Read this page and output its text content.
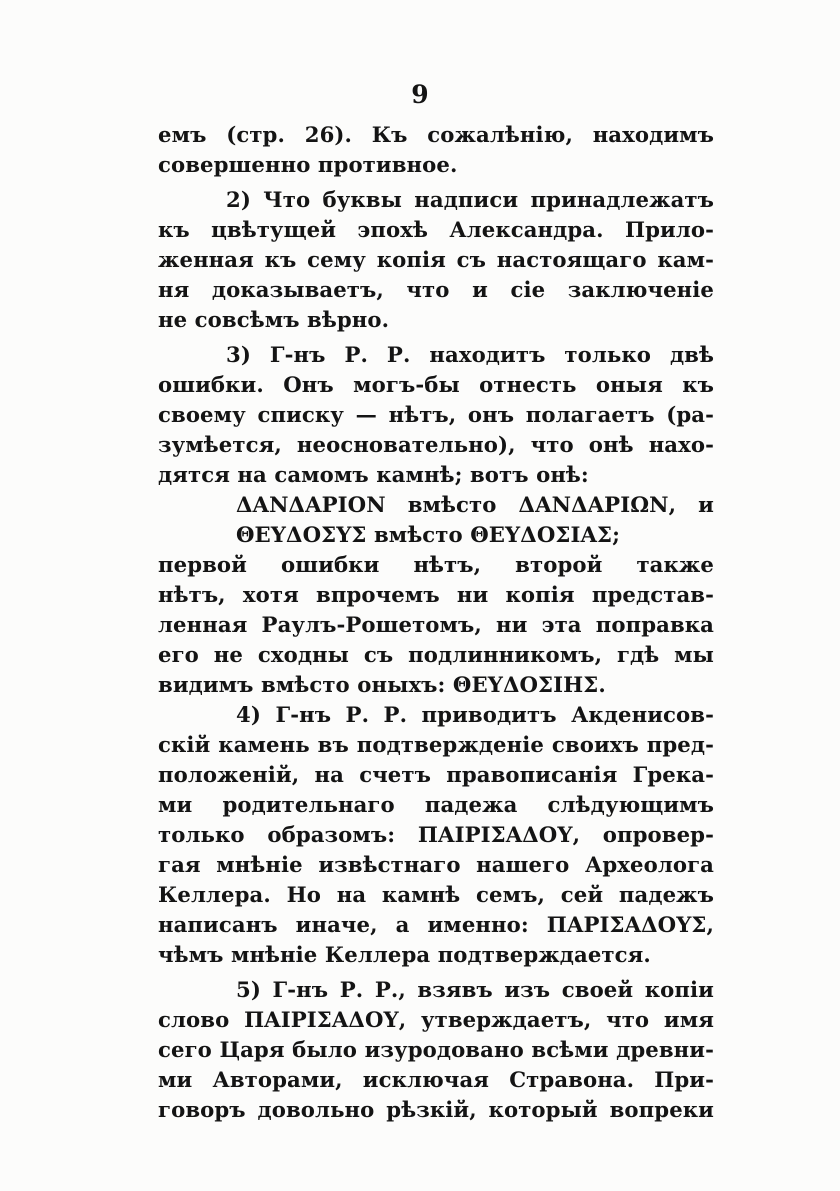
9
емъ (стр. 26). Къ сожалѣнію, находимъ
совершенно противное.
2) Что буквы надписи принадлежатъ
къ цвѣтущей эпохѣ Александра. Прило-
женная къ сему копія съ настоящаго кам-
ня доказываетъ, что и сіе заключеніе
не совсѣмъ вѣрно.
3) Г-нъ Р. Р. находитъ только двѣ
ошибки. Онъ могъ-бы отнесть оныя къ
своему списку — нѣтъ, онъ полагаетъ (ра-
зумѣется, неосновательно), что онѣ нахо-
дятся на самомъ камнѣ; вотъ онѣ:
ΔΑΝΔΑΡΙΟΝ вмѣсто ΔΑΝΔΑΡΙΩΝ, и
ΘΕΥΔΟΣΥΣ вмѣсто ΘΕΥΔΟΣΙΑΣ;
первой ошибки нѣтъ, второй также
нѣтъ, хотя впрочемъ ни копія представ-
ленная Раулъ-Рошетомъ, ни эта поправка
его не сходны съ подлинникомъ, гдѣ мы
видимъ вмѣсто оныхъ: ΘΕΥΔΟΣΙΗΣ.
4) Г-нъ Р. Р. приводитъ Акденисов-
скій камень въ подтвержденіе своихъ пред-
положеній, на счетъ правописанія Грека-
ми родительнаго падежа слѣдующимъ
только образомъ: ΠΑΙΡΙΣΑΔΟΥ, опровер-
гая мнѣніе извѣстнаго нашего Археолога
Келлера. Но на камнѣ семъ, сей падежъ
написанъ иначе, а именно: ΠΑΡΙΣΑΔΟΥΣ,
чѣмъ мнѣніе Келлера подтверждается.
5) Г-нъ Р. Р., взявъ изъ своей копіи
слово ΠΑΙΡΙΣΑΔΟΥ, утверждаетъ, что имя
сего Царя было изуродовано всѣми древни-
ми Авторами, исключая Стравона. При-
говоръ довольно рѣзкій, который вопреки
